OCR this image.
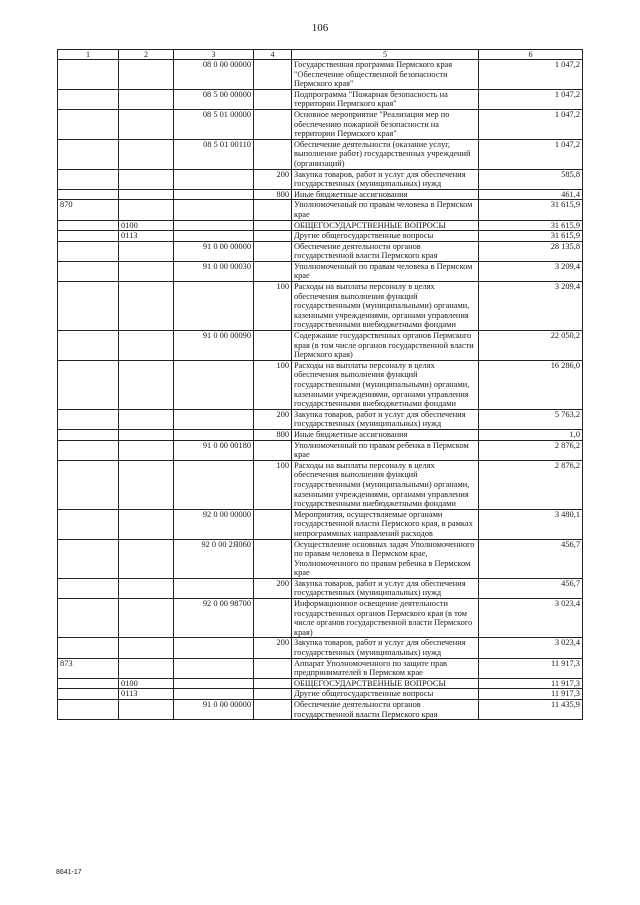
106
1	2	3	4	5	6
		08 0 00 00000		Государственная программа Пермского края "Обеспечение общественной безопасности Пермского края"	1 047,2
		08 5 00 00000		Подпрограмма "Пожарная безопасность на территории Пермского края"	1 047,2
		08 5 01 00000		Основное мероприятие "Реализация мер по обеспечению пожарной безопасности на территории Пермского края"	1 047,2
		08 5 01 00110		Обеспечение деятельности (оказание услуг, выполнение работ) государственных учреждений (организаций)	1 047,2
			200	Закупка товаров, работ и услуг для обеспечения государственных (муниципальных) нужд	585,8
			800	Иные бюджетные ассигнования	461,4
870				Уполномоченный по правам человека в Пермском крае	31 615,9
	0100			ОБЩЕГОСУДАРСТВЕННЫЕ ВОПРОСЫ	31 615,9
	0113			Другие общегосударственные вопросы	31 615,9
		91 0 00 00000		Обеспечение деятельности органов государственной власти Пермского края	28 135,8
		91 0 00 00030		Уполномоченный по правам человека в Пермском крае	3 209,4
			100	Расходы на выплаты персоналу в целях обеспечения выполнения функций государственными (муниципальными) органами, казенными учреждениями, органами управления государственными внебюджетными фондами	3 209,4
		91 0 00 00090		Содержание государственных органов Пермского края (в том числе органов государственной власти Пермского края)	22 050,2
			100	Расходы на выплаты персоналу в целях обеспечения выполнения функций государственными (муниципальными) органами, казенными учреждениями, органами управления государственными внебюджетными фондами	16 286,0
			200	Закупка товаров, работ и услуг для обеспечения государственных (муниципальных) нужд	5 763,2
			800	Иные бюджетные ассигнования	1,0
		91 0 00 00180		Уполномоченный по правам ребенка в Пермском крае	2 876,2
			100	Расходы на выплаты персоналу в целях обеспечения выполнения функций государственными (муниципальными) органами, казенными учреждениями, органами управления государственными внебюджетными фондами	2 876,2
		92 0 00 00000		Мероприятия, осуществляемые органами государственной власти Пермского края, в рамках непрограммных направлений расходов	3 480,1
		92 0 00 2Я060		Осуществление основных задач Уполномоченного по правам человека в Пермском крае, Уполномоченного по правам ребенка в Пермском крае	456,7
			200	Закупка товаров, работ и услуг для обеспечения государственных (муниципальных) нужд	456,7
		92 0 00 98700		Информационное освещение деятельности государственных органов Пермского края (в том числе органов государственной власти Пермского края)	3 023,4
			200	Закупка товаров, работ и услуг для обеспечения государственных (муниципальных) нужд	3 023,4
873				Аппарат Уполномоченного по защите прав предпринимателей в Пермском крае	11 917,3
	0100			ОБЩЕГОСУДАРСТВЕННЫЕ ВОПРОСЫ	11 917,3
	0113			Другие общегосударственные вопросы	11 917,3
		91 0 00 00000		Обеспечение деятельности органов государственной власти Пермского края	11 435,9
8641-17
